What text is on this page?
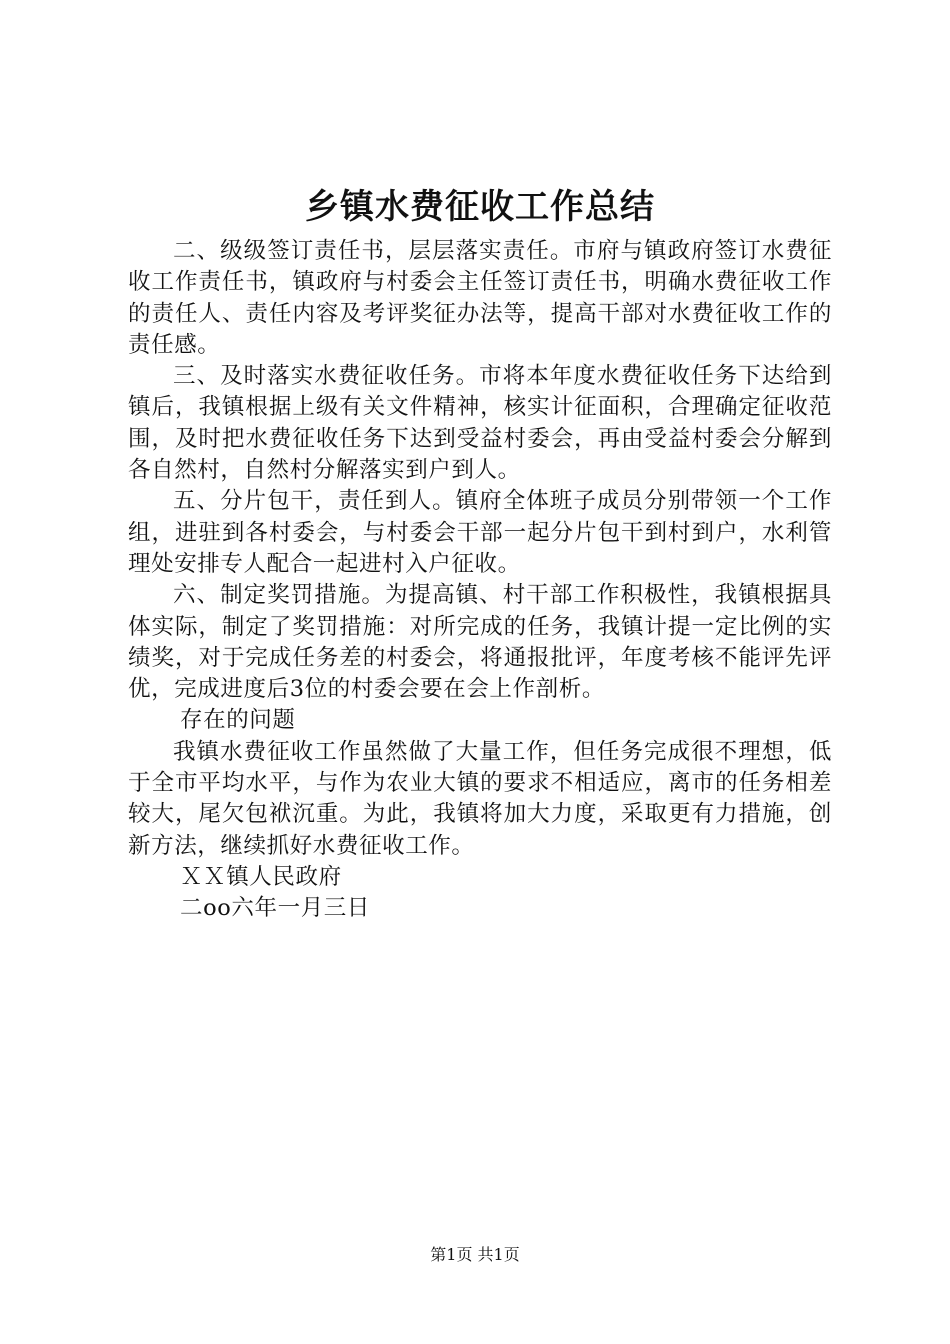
乡镇水费征收工作总结

二、级级签订责任书，层层落实责任。市府与镇政府签订水费征收工作责任书，镇政府与村委会主任签订责任书，明确水费征收工作的责任人、责任内容及考评奖征办法等，提高干部对水费征收工作的责任感。

三、及时落实水费征收任务。市将本年度水费征收任务下达给到镇后，我镇根据上级有关文件精神，核实计征面积，合理确定征收范围，及时把水费征收任务下达到受益村委会，再由受益村委会分解到各自然村，自然村分解落实到户到人。

五、分片包干，责任到人。镇府全体班子成员分别带领一个工作组，进驻到各村委会，与村委会干部一起分片包干到村到户，水利管理处安排专人配合一起进村入户征收。

六、制定奖罚措施。为提高镇、村干部工作积极性，我镇根据具体实际，制定了奖罚措施：对所完成的任务，我镇计提一定比例的实绩奖，对于完成任务差的村委会，将通报批评，年度考核不能评先评优，完成进度后3位的村委会要在会上作剖析。

存在的问题

我镇水费征收工作虽然做了大量工作，但任务完成很不理想，低于全市平均水平，与作为农业大镇的要求不相适应，离市的任务相差较大，尾欠包袱沉重。为此，我镇将加大力度，采取更有力措施，创新方法，继续抓好水费征收工作。

ＸＸ镇人民政府

二oo六年一月三日

第1页 共1页
